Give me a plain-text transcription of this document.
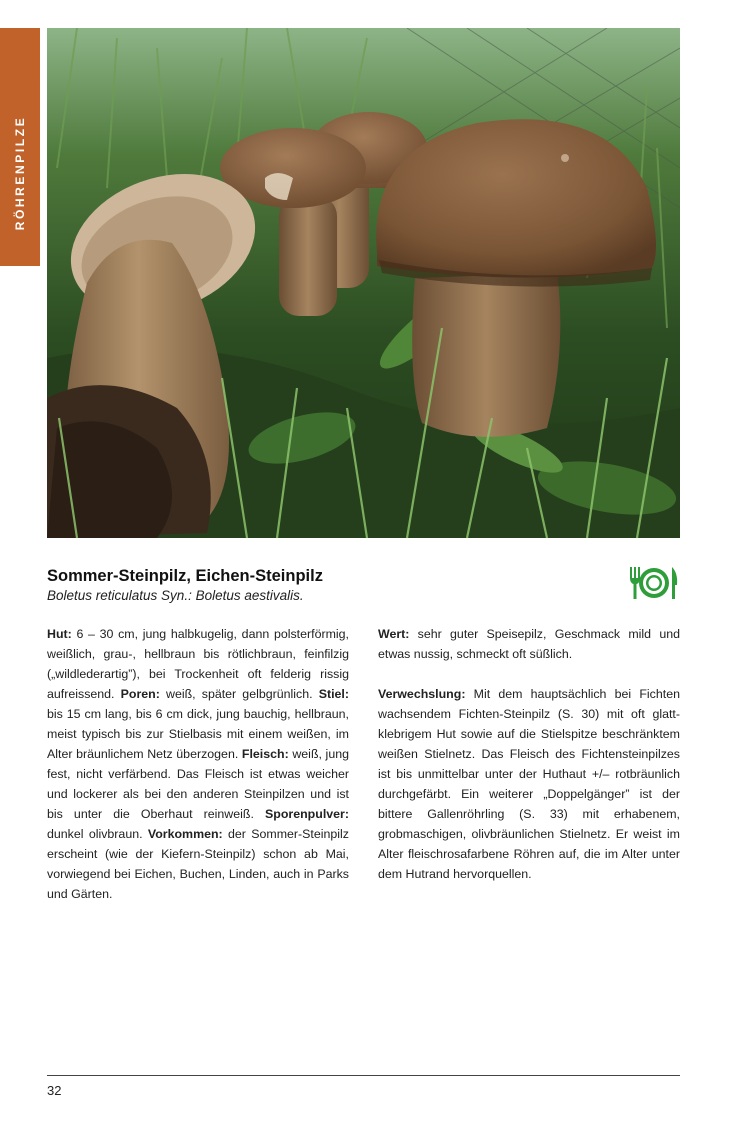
RÖHRENPILZE

Sommer-Steinpilz, Eichen-Steinpilz

Boletus reticulatus Syn.: Boletus aestivalis.

Hut: 6 – 30 cm, jung halbkugelig, dann polsterförmig, weißlich, grau-, hellbraun bis rötlichbraun, feinfilzig („wildlederartig”), bei Trockenheit oft felderig rissig aufreissend. Poren: weiß, später gelbgrünlich. Stiel: bis 15 cm lang, bis 6 cm dick, jung bauchig, hellbraun, meist typisch bis zur Stielbasis mit einem weißen, im Alter bräunlichem Netz überzogen. Fleisch: weiß, jung fest, nicht verfärbend. Das Fleisch ist etwas weicher und lockerer als bei den anderen Steinpilzen und ist bis unter die Oberhaut reinweiß. Sporenpulver: dunkel olivbraun. Vorkommen: der Sommer-Steinpilz erscheint (wie der Kiefern-Steinpilz) schon ab Mai, vorwiegend bei Eichen, Buchen, Linden, auch in Parks und Gärten.

Wert: sehr guter Speisepilz, Geschmack mild und etwas nussig, schmeckt oft süßlich.

Verwechslung: Mit dem hauptsächlich bei Fichten wachsendem Fichten-Steinpilz (S. 30) mit oft glatt-klebrigem Hut sowie auf die Stielspitze beschränktem weißen Stielnetz. Das Fleisch des Fichtensteinpilzes ist bis unmittelbar unter der Huthaut +/– rotbräunlich durchgefärbt. Ein weiterer „Doppelgänger” ist der bittere Gallenröhrling (S. 33) mit erhabenem, grobmaschigen, olivbräunlichen Stielnetz. Er weist im Alter fleischrosafarbene Röhren auf, die im Alter unter dem Hutrand hervorquellen.

32
